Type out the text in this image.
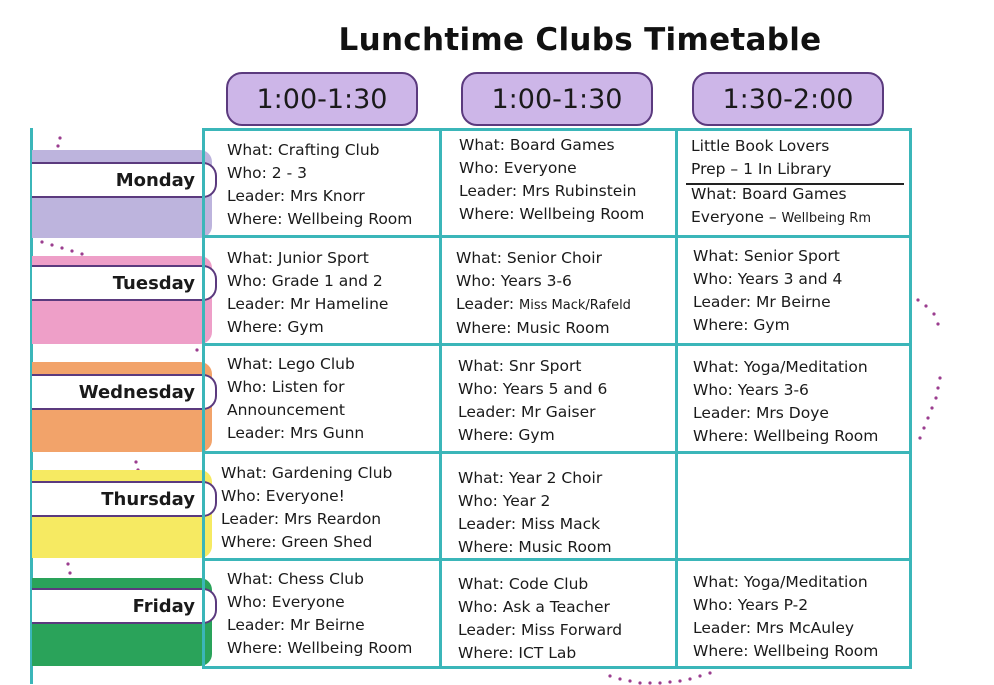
Lunchtime Clubs Timetable
1:00-1:30	1:00-1:30	1:30-2:00
Monday
Tuesday
Wednesday
Thursday
Friday
What: Crafting Club
Who: 2 - 3
Leader: Mrs Knorr
Where: Wellbeing Room
What: Board Games
Who: Everyone
Leader: Mrs Rubinstein
Where: Wellbeing Room
Little Book Lovers
Prep – 1 In Library
What: Board Games
Everyone – Wellbeing Rm
What: Junior Sport
Who: Grade 1 and 2
Leader: Mr Hameline
Where: Gym
What: Senior Choir
Who: Years 3-6
Leader: Miss Mack/Rafeld
Where: Music Room
What: Senior Sport
Who: Years 3 and 4
Leader: Mr Beirne
Where: Gym
What: Lego Club
Who: Listen for
Announcement
Leader: Mrs Gunn
What: Snr Sport
Who: Years 5 and 6
Leader: Mr Gaiser
Where: Gym
What: Yoga/Meditation
Who: Years 3-6
Leader: Mrs Doye
Where: Wellbeing Room
What: Gardening Club
Who: Everyone!
Leader: Mrs Reardon
Where: Green Shed
What: Year 2 Choir
Who: Year 2
Leader: Miss Mack
Where: Music Room
What: Chess Club
Who: Everyone
Leader: Mr Beirne
Where: Wellbeing Room
What: Code Club
Who: Ask a Teacher
Leader: Miss Forward
Where: ICT Lab
What: Yoga/Meditation
Who: Years P-2
Leader: Mrs McAuley
Where: Wellbeing Room
